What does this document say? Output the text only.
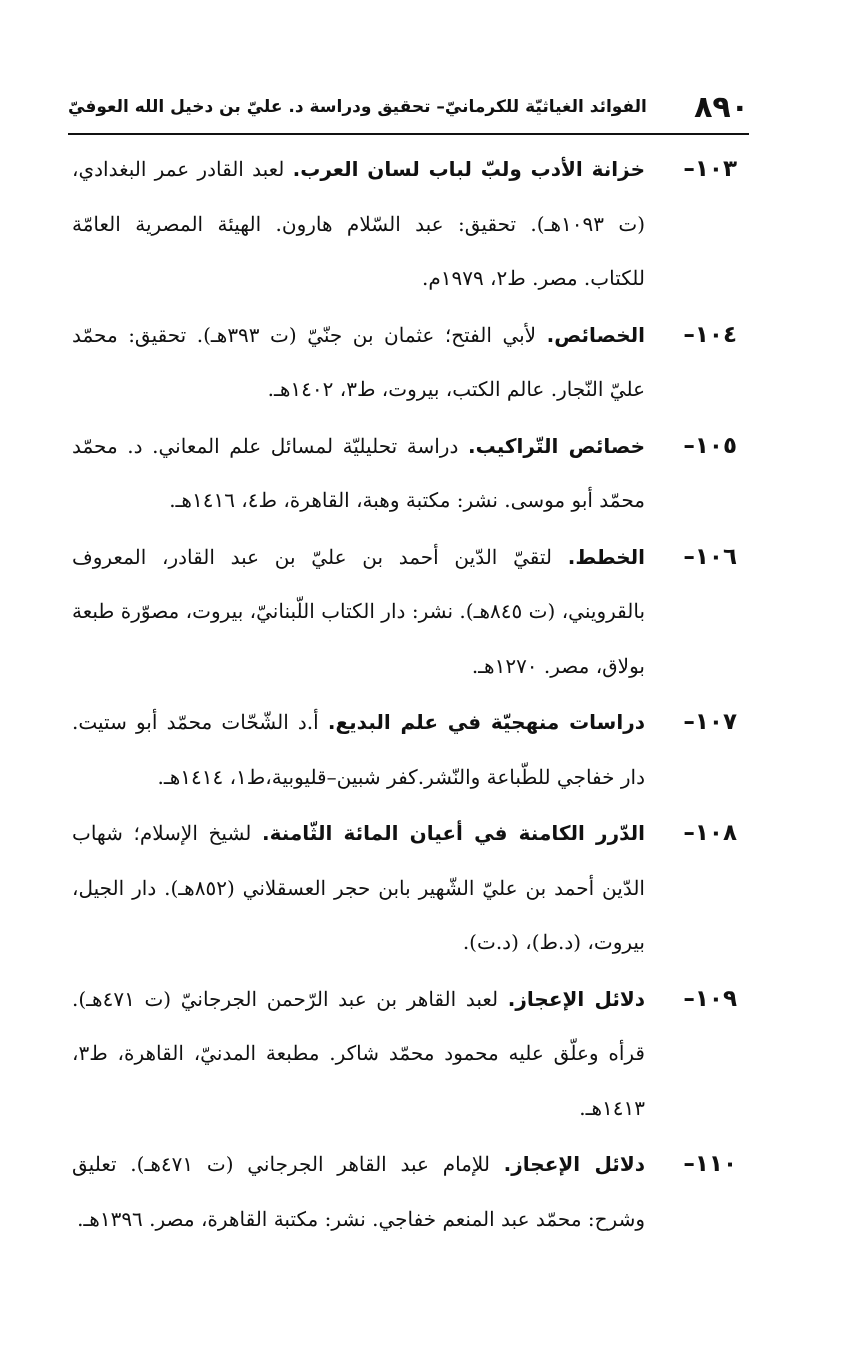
٨٩٠
الفوائد الغياثيّة للكرمانيّ– تحقيق ودراسة د. عليّ بن دخيل الله العوفيّ
١٠٣–
خزانة الأدب ولبّ لباب لسان العرب. لعبد القادر عمر البغدادي، (ت ١٠٩٣هـ). تحقيق: عبد السّلام هارون. الهيئة المصرية العامّة للكتاب. مصر. ط٢، ١٩٧٩م.
١٠٤–
الخصائص. لأبي الفتح؛ عثمان بن جنّيّ (ت ٣٩٣هـ). تحقيق: محمّد عليّ النّجار. عالم الكتب، بيروت، ط٣، ١٤٠٢هـ.
١٠٥–
خصائص التّراكيب. دراسة تحليليّة لمسائل علم المعاني. د. محمّد محمّد أبو موسى. نشر: مكتبة وهبة، القاهرة، ط٤، ١٤١٦هـ.
١٠٦–
الخطط. لتقيّ الدّين أحمد بن عليّ بن عبد القادر، المعروف بالقرويني، (ت ٨٤٥هـ). نشر: دار الكتاب اللّبنانيّ، بيروت، مصوّرة طبعة بولاق، مصر. ١٢٧٠هـ.
١٠٧–
دراسات منهجيّة في علم البديع. أ.د الشّحّات محمّد أبو ستيت. دار خفاجي للطّباعة والنّشر.كفر شبين–قليوبية،ط١، ١٤١٤هـ.
١٠٨–
الدّرر الكامنة في أعيان المائة الثّامنة. لشيخ الإسلام؛ شهاب الدّين أحمد بن عليّ الشّهير بابن حجر العسقلاني (٨٥٢هـ). دار الجيل، بيروت، (د.ط)، (د.ت).
١٠٩–
دلائل الإعجاز. لعبد القاهر بن عبد الرّحمن الجرجانيّ (ت ٤٧١هـ). قرأه وعلّق عليه محمود محمّد شاكر. مطبعة المدنيّ، القاهرة، ط٣، ١٤١٣هـ.
١١٠–
دلائل الإعجاز. للإمام عبد القاهر الجرجاني (ت ٤٧١هـ). تعليق وشرح: محمّد عبد المنعم خفاجي. نشر: مكتبة القاهرة، مصر. ١٣٩٦هـ.
